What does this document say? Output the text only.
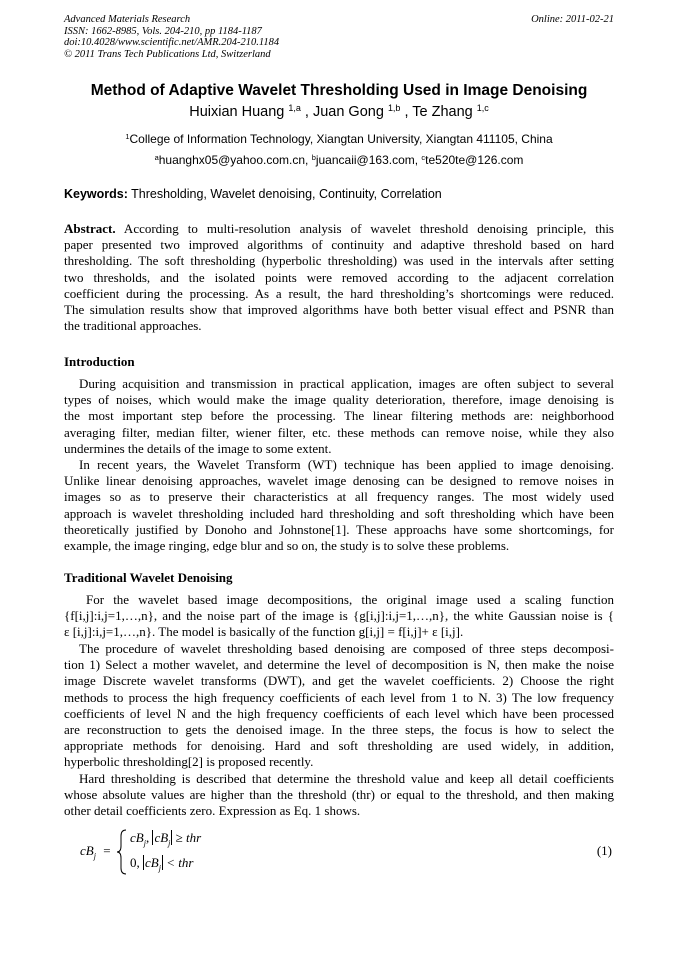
Advanced Materials Research
ISSN: 1662-8985, Vols. 204-210, pp 1184-1187
doi:10.4028/www.scientific.net/AMR.204-210.1184
© 2011 Trans Tech Publications Ltd, Switzerland
Online: 2011-02-21
Method of Adaptive Wavelet Thresholding Used in Image Denoising
Huixian Huang $^{1,a}$ , Juan Gong $^{1,b}$ , Te Zhang $^{1,c}$
$^1$College of Information Technology, Xiangtan University, Xiangtan 411105, China
$^a$huanghx05@yahoo.com.cn, $^b$juancaii@163.com, $^c$te520te@126.com
Keywords: Thresholding, Wavelet denoising, Continuity, Correlation
Abstract. According to multi-resolution analysis of wavelet threshold denoising principle, this
paper presented two improved algorithms of continuity and adaptive threshold based on hard
thresholding. The soft thresholding (hyperbolic thresholding) was used in the intervals after setting
two thresholds, and the isolated points were removed according to the adjacent correlation
coefficient during the processing. As a result, the hard thresholding’s shortcomings were reduced.
The simulation results show that improved algorithms have both better visual effect and PSNR than
the traditional approaches.
Introduction
During acquisition and transmission in practical application, images are often subject to several
types of noises, which would make the image quality deterioration, therefore, image denoising is
the most important step before the processing. The linear filtering methods are: neighborhood
averaging filter, median filter, wiener filter, etc. these methods can remove noise, while they also
undermines the details of the image to some extent.
In recent years, the Wavelet Transform (WT) technique has been applied to image denoising.
Unlike linear denoising approaches, wavelet image denosing can be designed to remove noises in
images so as to preserve their characteristics at all frequency ranges. The most widely used
approach is wavelet thresholding included hard thresholding and soft thresholding which have been
theoretically justified by Donoho and Johnstone[1]. These approachs have some shortcomings, for
example, the image ringing, edge blur and so on, the study is to solve these problems.
Traditional Wavelet Denoising
For the wavelet based image decompositions, the original image used a scaling function
{f[i,j]:i,j=1,…,n}, and the noise part of the image is {g[i,j]:i,j=1,…,n}, the white Gaussian noise is {
ε [i,j]:i,j=1,…,n}. The model is basically of the function g[i,j] = f[i,j]+ ε [i,j].
The procedure of wavelet thresholding based denoising are composed of three steps decomposi-
tion 1) Select a mother wavelet, and determine the level of decomposition is N, then make the noise
image Discrete wavelet transforms (DWT), and get the wavelet coefficients. 2) Choose the right
methods to process the high frequency coefficients of each level from 1 to N. 3) The low frequency
coefficients of level N and the high frequency coefficients of each level which have been processed
are reconstruction to gets the denoised image. In the three steps, the focus is how to select the
appropriate methods for denoising. Hard and soft thresholding are used widely, in addition,
hyperbolic thresholding[2] is proposed recently.
Hard thresholding is described that determine the threshold value and keep all detail coefficients
whose absolute values are higher than the threshold (thr) or equal to the threshold, and then making
other detail coefficients zero. Expression as Eq. 1 shows.
$cB_j$ =
$cB_j$, $cB_j$ ≥ thr
0, $cB_j$ < thr
(1)
